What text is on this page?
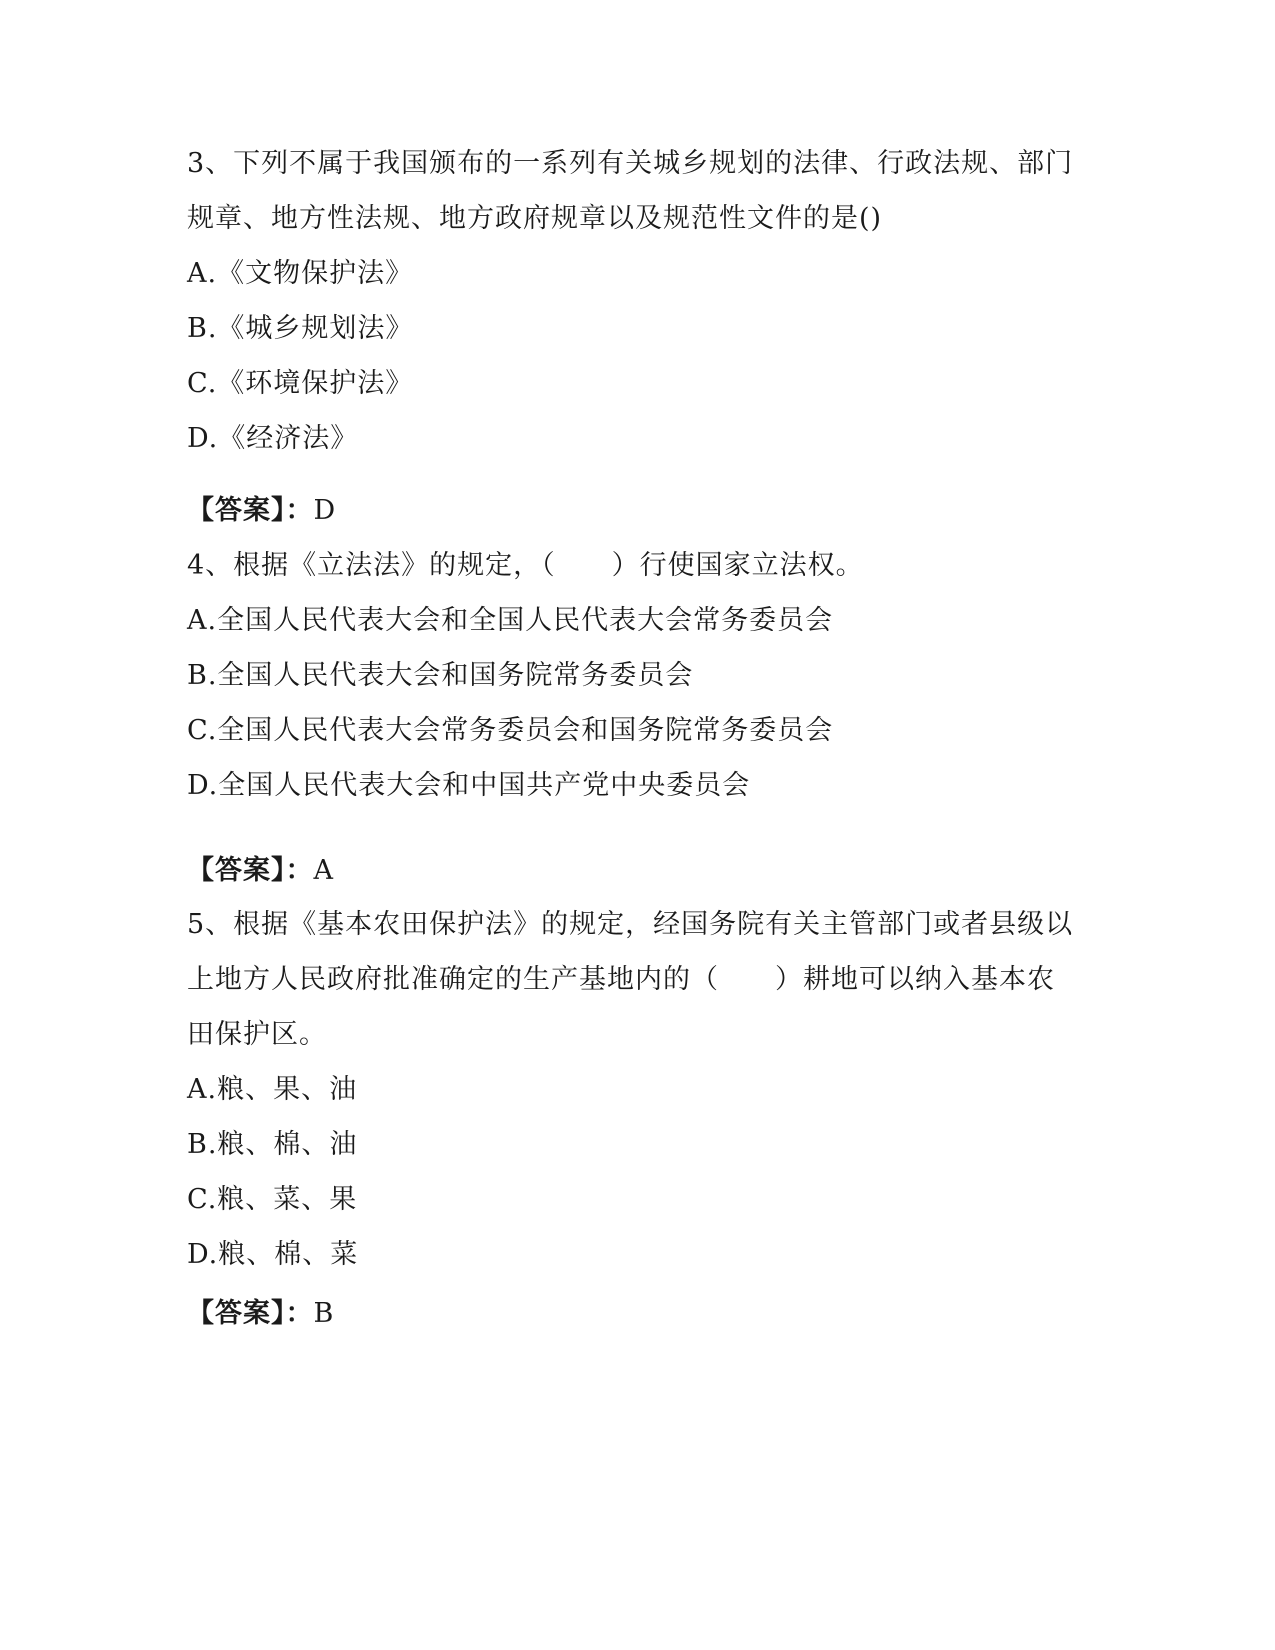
3、下列不属于我国颁布的一系列有关城乡规划的法律、行政法规、部门规章、地方性法规、地方政府规章以及规范性文件的是()

A.《文物保护法》

B.《城乡规划法》

C.《环境保护法》

D.《经济法》

【答案】：D

4、根据《立法法》的规定，（　　）行使国家立法权。

A.全国人民代表大会和全国人民代表大会常务委员会

B.全国人民代表大会和国务院常务委员会

C.全国人民代表大会常务委员会和国务院常务委员会

D.全国人民代表大会和中国共产党中央委员会

【答案】：A

5、根据《基本农田保护法》的规定，经国务院有关主管部门或者县级以上地方人民政府批准确定的生产基地内的（　　）耕地可以纳入基本农田保护区。

A.粮、果、油

B.粮、棉、油

C.粮、菜、果

D.粮、棉、菜

【答案】：B
